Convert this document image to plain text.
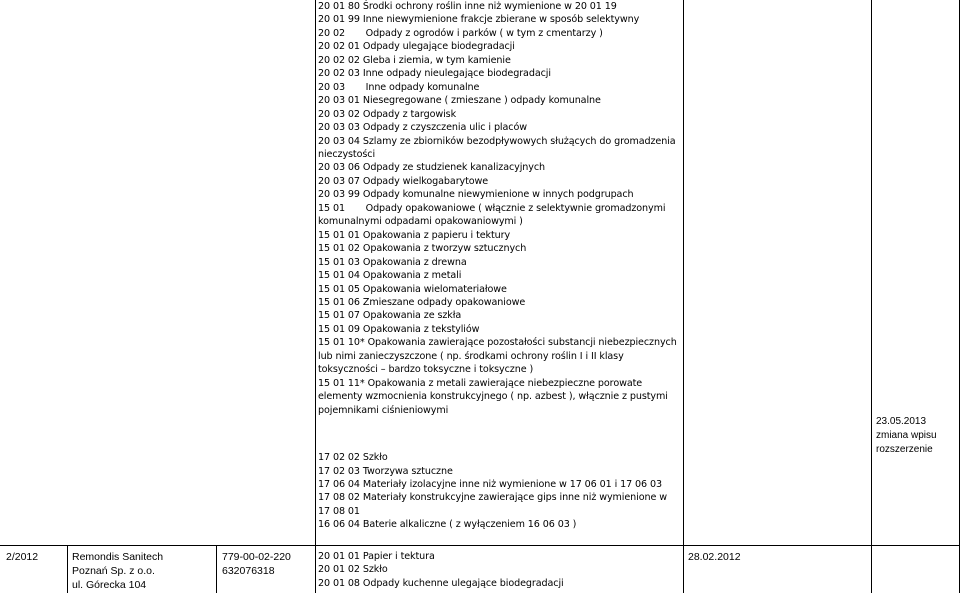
20 01 80 Środki ochrony roślin inne niż wymienione w 20 01 19
20 01 99 Inne niewymienione frakcje zbierane w sposób selektywny
20 02       Odpady z ogrodów i parków ( w tym z cmentarzy )
20 02 01 Odpady ulegające biodegradacji
20 02 02 Gleba i ziemia, w tym kamienie
20 02 03 Inne odpady nieulegające biodegradacji
20 03       Inne odpady komunalne
20 03 01 Niesegregowane ( zmieszane ) odpady komunalne
20 03 02 Odpady z targowisk
20 03 03 Odpady z czyszczenia ulic i placów
20 03 04 Szlamy ze zbiorników bezodpływowych służących do gromadzenia nieczystości
20 03 06 Odpady ze studzienek kanalizacyjnych
20 03 07 Odpady wielkogabarytowe
20 03 99 Odpady komunalne niewymienione w innych podgrupach
15 01       Odpady opakowaniowe ( włącznie z selektywnie gromadzonymi komunalnymi odpadami opakowaniowymi )
15 01 01 Opakowania z papieru i tektury
15 01 02 Opakowania z tworzyw sztucznych
15 01 03 Opakowania z drewna
15 01 04 Opakowania z metali
15 01 05 Opakowania wielomateriałowe
15 01 06 Zmieszane odpady opakowaniowe
15 01 07 Opakowania ze szkła
15 01 09 Opakowania z tekstyliów
15 01 10* Opakowania zawierające pozostałości substancji niebezpiecznych lub nimi zanieczyszczone ( np. środkami ochrony roślin I i II klasy toksyczności – bardzo toksyczne i toksyczne )
15 01 11* Opakowania z metali zawierające niebezpieczne porowate elementy wzmocnienia konstrukcyjnego ( np. azbest ), włącznie z pustymi pojemnikami ciśnieniowymi
17 02 02 Szkło
17 02 03 Tworzywa sztuczne
17 06 04 Materiały izolacyjne inne niż wymienione w 17 06 01 i 17 06 03
17 08 02 Materiały konstrukcyjne zawierające gips inne niż wymienione w 17 08 01
16 06 04 Baterie alkaliczne ( z wyłączeniem 16 06 03 )
23.05.2013
zmiana wpisu
rozszerzenie
2/2012	Remondis Sanitech
Poznań Sp. z o.o.
ul. Górecka 104
779-00-02-220
632076318
20 01 01 Papier i tektura
20 01 02 Szkło
20 01 08 Odpady kuchenne ulegające biodegradacji
28.02.2012
